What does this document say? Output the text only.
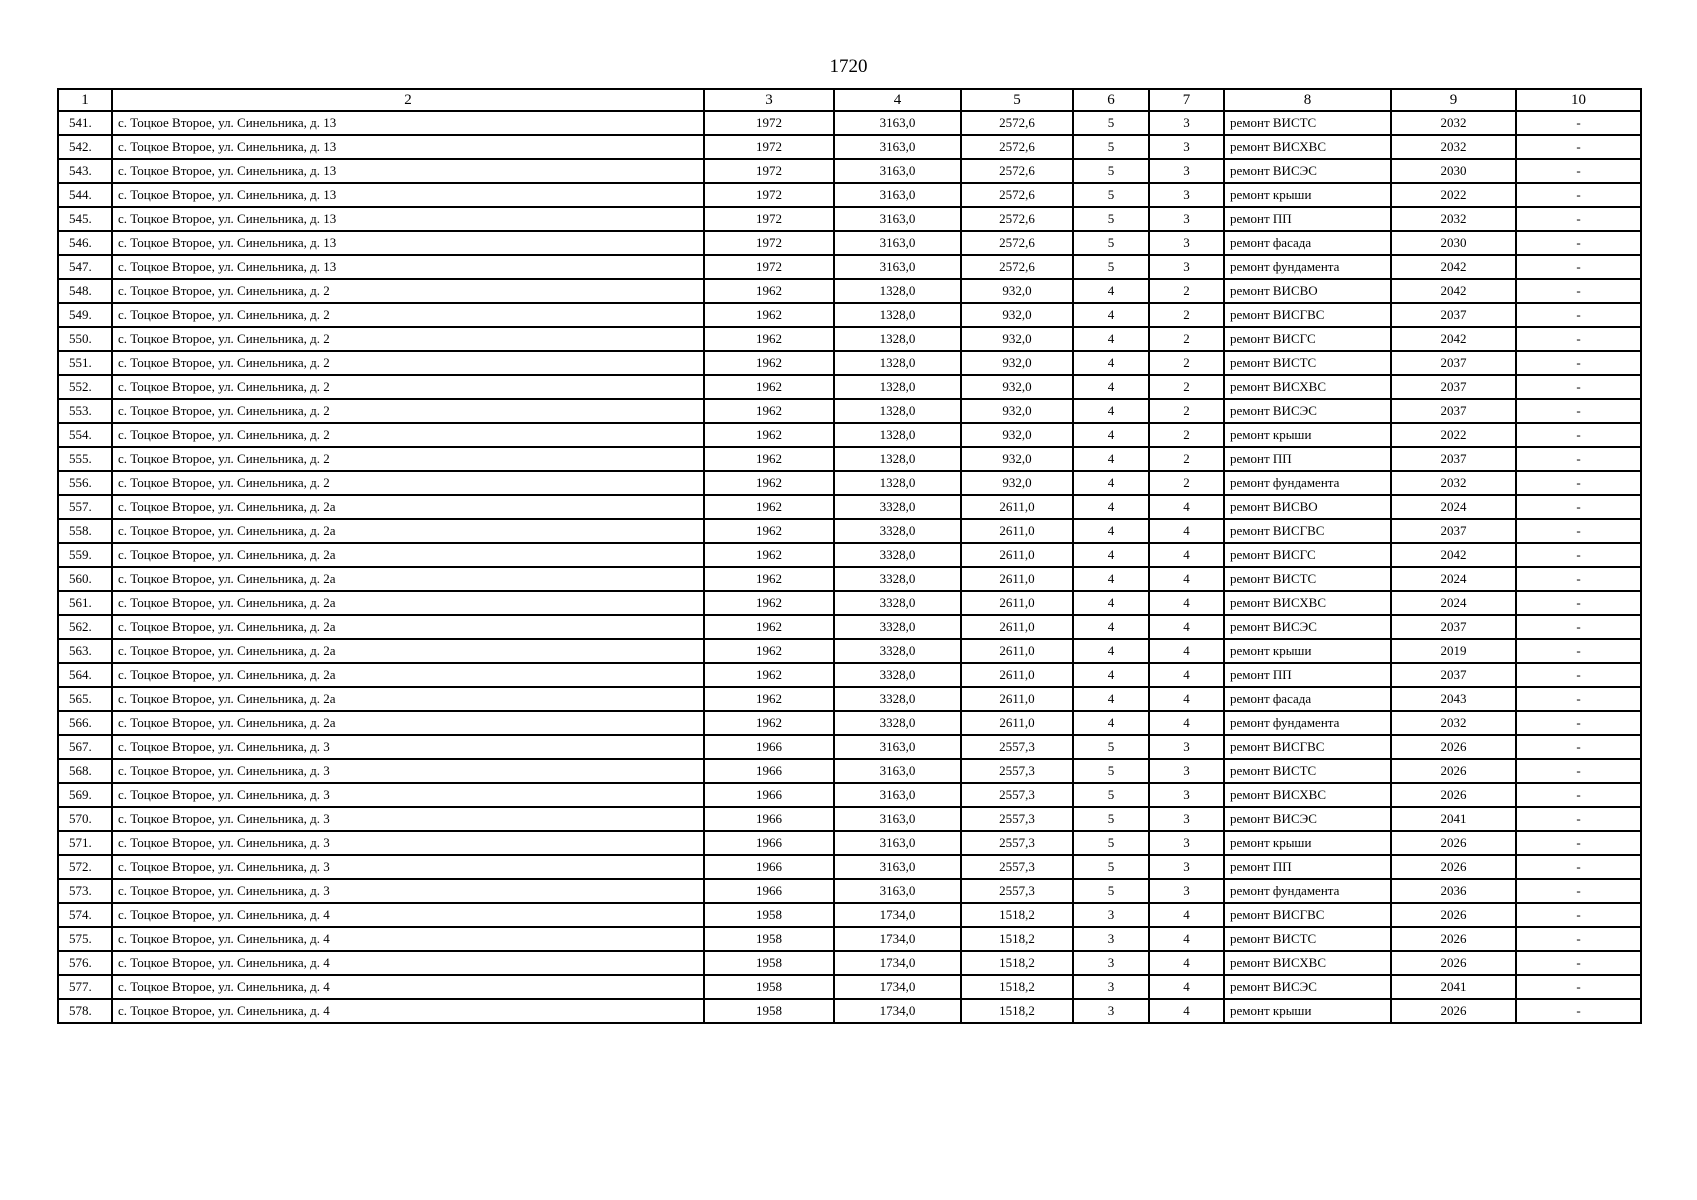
1720
1	2	3	4	5	6	7	8	9	10
541.	с. Тоцкое Второе, ул. Синельника, д. 13	1972	3163,0	2572,6	5	3	ремонт ВИСТС	2032	-
542.	с. Тоцкое Второе, ул. Синельника, д. 13	1972	3163,0	2572,6	5	3	ремонт ВИСХВС	2032	-
543.	с. Тоцкое Второе, ул. Синельника, д. 13	1972	3163,0	2572,6	5	3	ремонт ВИСЭС	2030	-
544.	с. Тоцкое Второе, ул. Синельника, д. 13	1972	3163,0	2572,6	5	3	ремонт крыши	2022	-
545.	с. Тоцкое Второе, ул. Синельника, д. 13	1972	3163,0	2572,6	5	3	ремонт ПП	2032	-
546.	с. Тоцкое Второе, ул. Синельника, д. 13	1972	3163,0	2572,6	5	3	ремонт фасада	2030	-
547.	с. Тоцкое Второе, ул. Синельника, д. 13	1972	3163,0	2572,6	5	3	ремонт фундамента	2042	-
548.	с. Тоцкое Второе, ул. Синельника, д. 2	1962	1328,0	932,0	4	2	ремонт ВИСВО	2042	-
549.	с. Тоцкое Второе, ул. Синельника, д. 2	1962	1328,0	932,0	4	2	ремонт ВИСГВС	2037	-
550.	с. Тоцкое Второе, ул. Синельника, д. 2	1962	1328,0	932,0	4	2	ремонт ВИСГС	2042	-
551.	с. Тоцкое Второе, ул. Синельника, д. 2	1962	1328,0	932,0	4	2	ремонт ВИСТС	2037	-
552.	с. Тоцкое Второе, ул. Синельника, д. 2	1962	1328,0	932,0	4	2	ремонт ВИСХВС	2037	-
553.	с. Тоцкое Второе, ул. Синельника, д. 2	1962	1328,0	932,0	4	2	ремонт ВИСЭС	2037	-
554.	с. Тоцкое Второе, ул. Синельника, д. 2	1962	1328,0	932,0	4	2	ремонт крыши	2022	-
555.	с. Тоцкое Второе, ул. Синельника, д. 2	1962	1328,0	932,0	4	2	ремонт ПП	2037	-
556.	с. Тоцкое Второе, ул. Синельника, д. 2	1962	1328,0	932,0	4	2	ремонт фундамента	2032	-
557.	с. Тоцкое Второе, ул. Синельника, д. 2а	1962	3328,0	2611,0	4	4	ремонт ВИСВО	2024	-
558.	с. Тоцкое Второе, ул. Синельника, д. 2а	1962	3328,0	2611,0	4	4	ремонт ВИСГВС	2037	-
559.	с. Тоцкое Второе, ул. Синельника, д. 2а	1962	3328,0	2611,0	4	4	ремонт ВИСГС	2042	-
560.	с. Тоцкое Второе, ул. Синельника, д. 2а	1962	3328,0	2611,0	4	4	ремонт ВИСТС	2024	-
561.	с. Тоцкое Второе, ул. Синельника, д. 2а	1962	3328,0	2611,0	4	4	ремонт ВИСХВС	2024	-
562.	с. Тоцкое Второе, ул. Синельника, д. 2а	1962	3328,0	2611,0	4	4	ремонт ВИСЭС	2037	-
563.	с. Тоцкое Второе, ул. Синельника, д. 2а	1962	3328,0	2611,0	4	4	ремонт крыши	2019	-
564.	с. Тоцкое Второе, ул. Синельника, д. 2а	1962	3328,0	2611,0	4	4	ремонт ПП	2037	-
565.	с. Тоцкое Второе, ул. Синельника, д. 2а	1962	3328,0	2611,0	4	4	ремонт фасада	2043	-
566.	с. Тоцкое Второе, ул. Синельника, д. 2а	1962	3328,0	2611,0	4	4	ремонт фундамента	2032	-
567.	с. Тоцкое Второе, ул. Синельника, д. 3	1966	3163,0	2557,3	5	3	ремонт ВИСГВС	2026	-
568.	с. Тоцкое Второе, ул. Синельника, д. 3	1966	3163,0	2557,3	5	3	ремонт ВИСТС	2026	-
569.	с. Тоцкое Второе, ул. Синельника, д. 3	1966	3163,0	2557,3	5	3	ремонт ВИСХВС	2026	-
570.	с. Тоцкое Второе, ул. Синельника, д. 3	1966	3163,0	2557,3	5	3	ремонт ВИСЭС	2041	-
571.	с. Тоцкое Второе, ул. Синельника, д. 3	1966	3163,0	2557,3	5	3	ремонт крыши	2026	-
572.	с. Тоцкое Второе, ул. Синельника, д. 3	1966	3163,0	2557,3	5	3	ремонт ПП	2026	-
573.	с. Тоцкое Второе, ул. Синельника, д. 3	1966	3163,0	2557,3	5	3	ремонт фундамента	2036	-
574.	с. Тоцкое Второе, ул. Синельника, д. 4	1958	1734,0	1518,2	3	4	ремонт ВИСГВС	2026	-
575.	с. Тоцкое Второе, ул. Синельника, д. 4	1958	1734,0	1518,2	3	4	ремонт ВИСТС	2026	-
576.	с. Тоцкое Второе, ул. Синельника, д. 4	1958	1734,0	1518,2	3	4	ремонт ВИСХВС	2026	-
577.	с. Тоцкое Второе, ул. Синельника, д. 4	1958	1734,0	1518,2	3	4	ремонт ВИСЭС	2041	-
578.	с. Тоцкое Второе, ул. Синельника, д. 4	1958	1734,0	1518,2	3	4	ремонт крыши	2026	-
